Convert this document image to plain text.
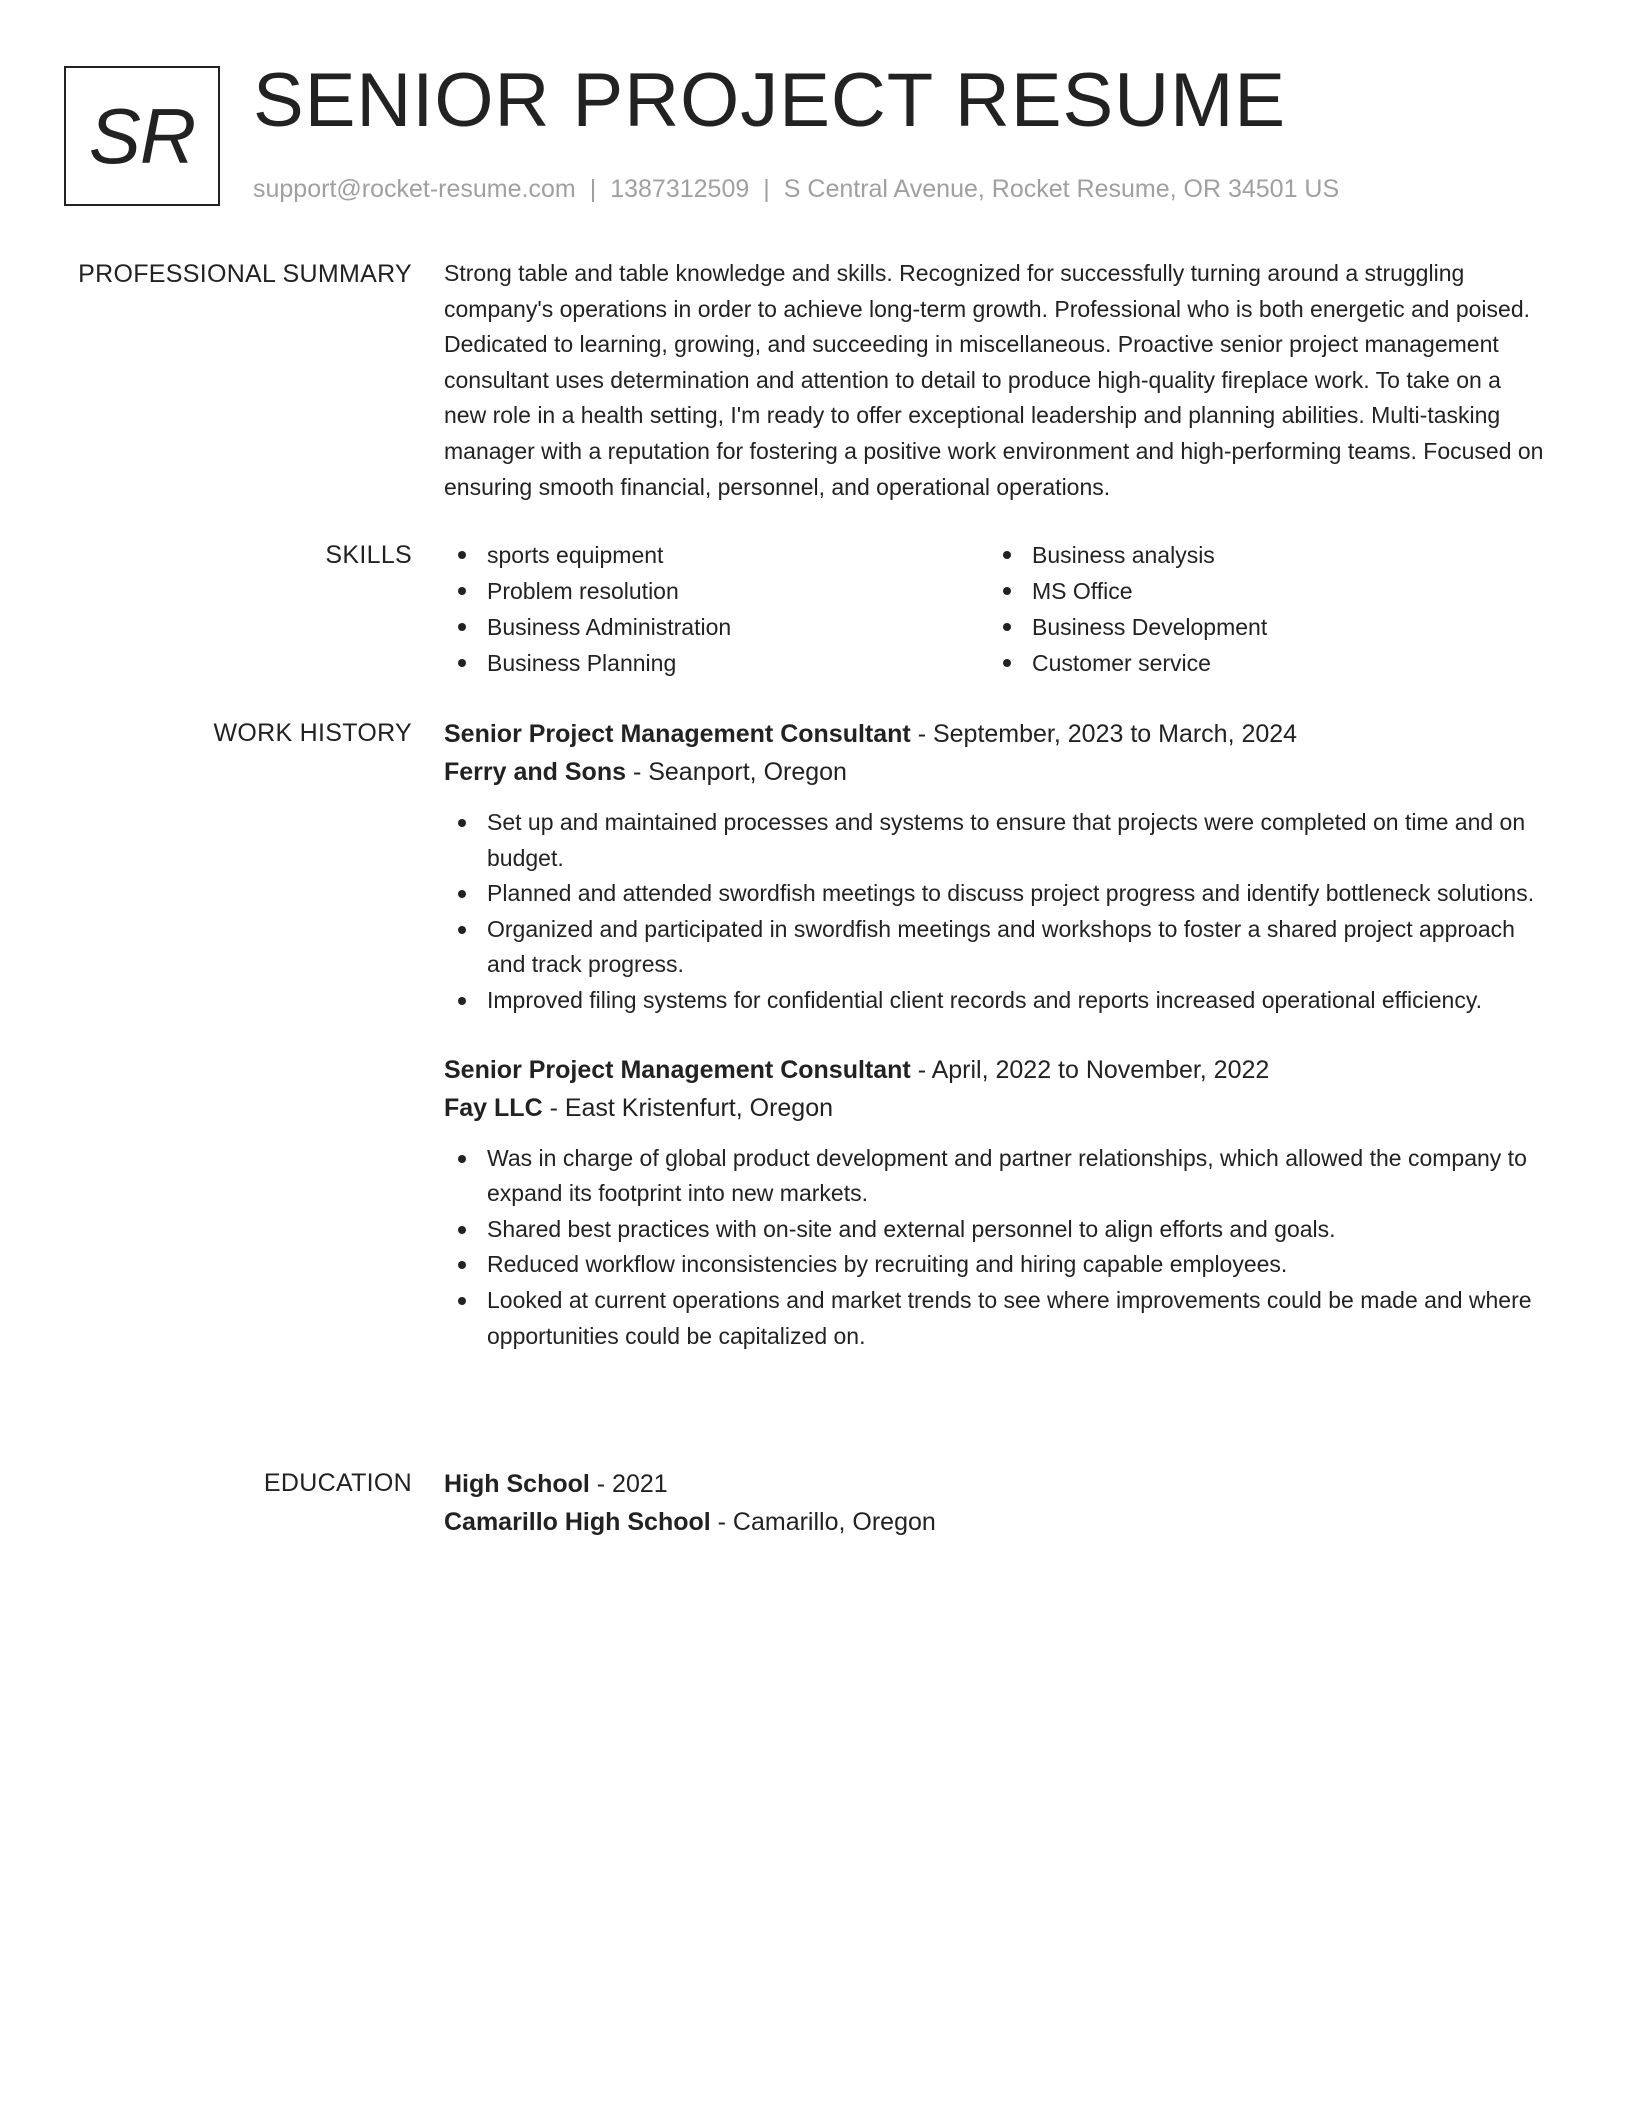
SR SENIOR PROJECT RESUME
support@rocket-resume.com | 1387312509 | S Central Avenue, Rocket Resume, OR 34501 US
PROFESSIONAL SUMMARY Strong table and table knowledge and skills. Recognized for successfully turning around a struggling company's operations in order to achieve long-term growth. Professional who is both energetic and poised. Dedicated to learning, growing, and succeeding in miscellaneous. Proactive senior project management consultant uses determination and attention to detail to produce high-quality fireplace work. To take on a new role in a health setting, I'm ready to offer exceptional leadership and planning abilities. Multi-tasking manager with a reputation for fostering a positive work environment and high-performing teams. Focused on ensuring smooth financial, personnel, and operational operations.

SKILLS	sports equipment
Problem resolution
Business Administration
Business Planning
Business analysis
MS Office
Business Development
Customer service
WORK HISTORY Senior Project Management Consultant - September, 2023 to March, 2024
Ferry and Sons - Seanport, Oregon
Set up and maintained processes and systems to ensure that projects were completed on time and on budget.
Planned and attended swordfish meetings to discuss project progress and identify bottleneck solutions.
Organized and participated in swordfish meetings and workshops to foster a shared project approach and track progress.
Improved filing systems for confidential client records and reports increased operational efficiency.
Senior Project Management Consultant - April, 2022 to November, 2022
Fay LLC - East Kristenfurt, Oregon
Was in charge of global product development and partner relationships, which allowed the company to expand its footprint into new markets.
Shared best practices with on-site and external personnel to align efforts and goals.
Reduced workflow inconsistencies by recruiting and hiring capable employees.
Looked at current operations and market trends to see where improvements could be made and where opportunities could be capitalized on.
EDUCATION High School - 2021
Camarillo High School - Camarillo, Oregon
